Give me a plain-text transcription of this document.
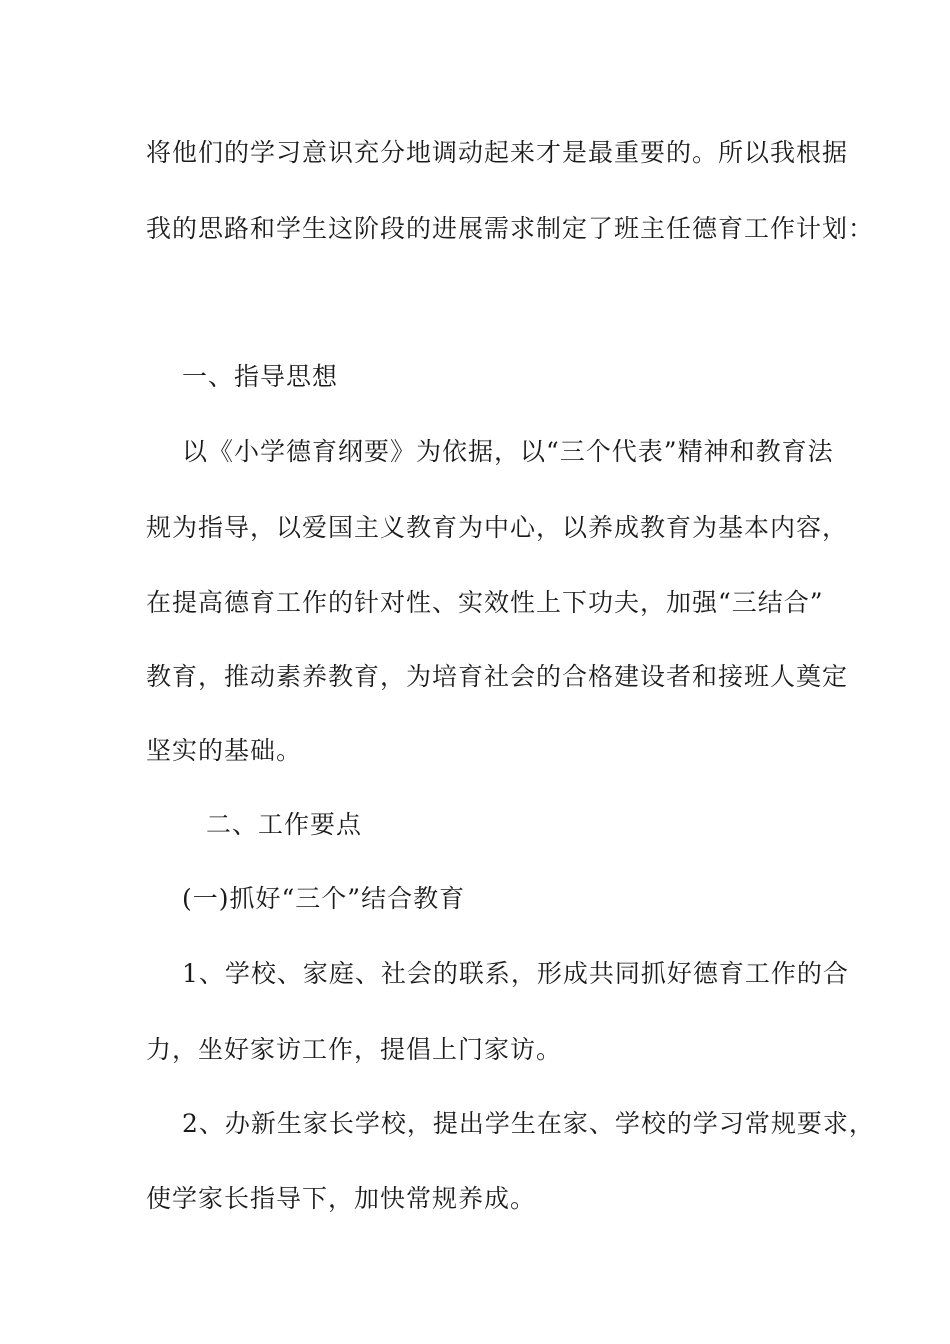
将他们的学习意识充分地调动起来才是最重要的。所以我根据
我的思路和学生这阶段的进展需求制定了班主任德育工作计划：
一、指导思想
以《小学德育纲要》为依据，以“三个代表”精神和教育法
规为指导，以爱国主义教育为中心，以养成教育为基本内容，
在提高德育工作的针对性、实效性上下功夫，加强“三结合”
教育，推动素养教育，为培育社会的合格建设者和接班人奠定
坚实的基础。
二、工作要点
(一)抓好“三个”结合教育
1、学校、家庭、社会的联系，形成共同抓好德育工作的合
力，坐好家访工作，提倡上门家访。
2、办新生家长学校，提出学生在家、学校的学习常规要求，
使学家长指导下，加快常规养成。
